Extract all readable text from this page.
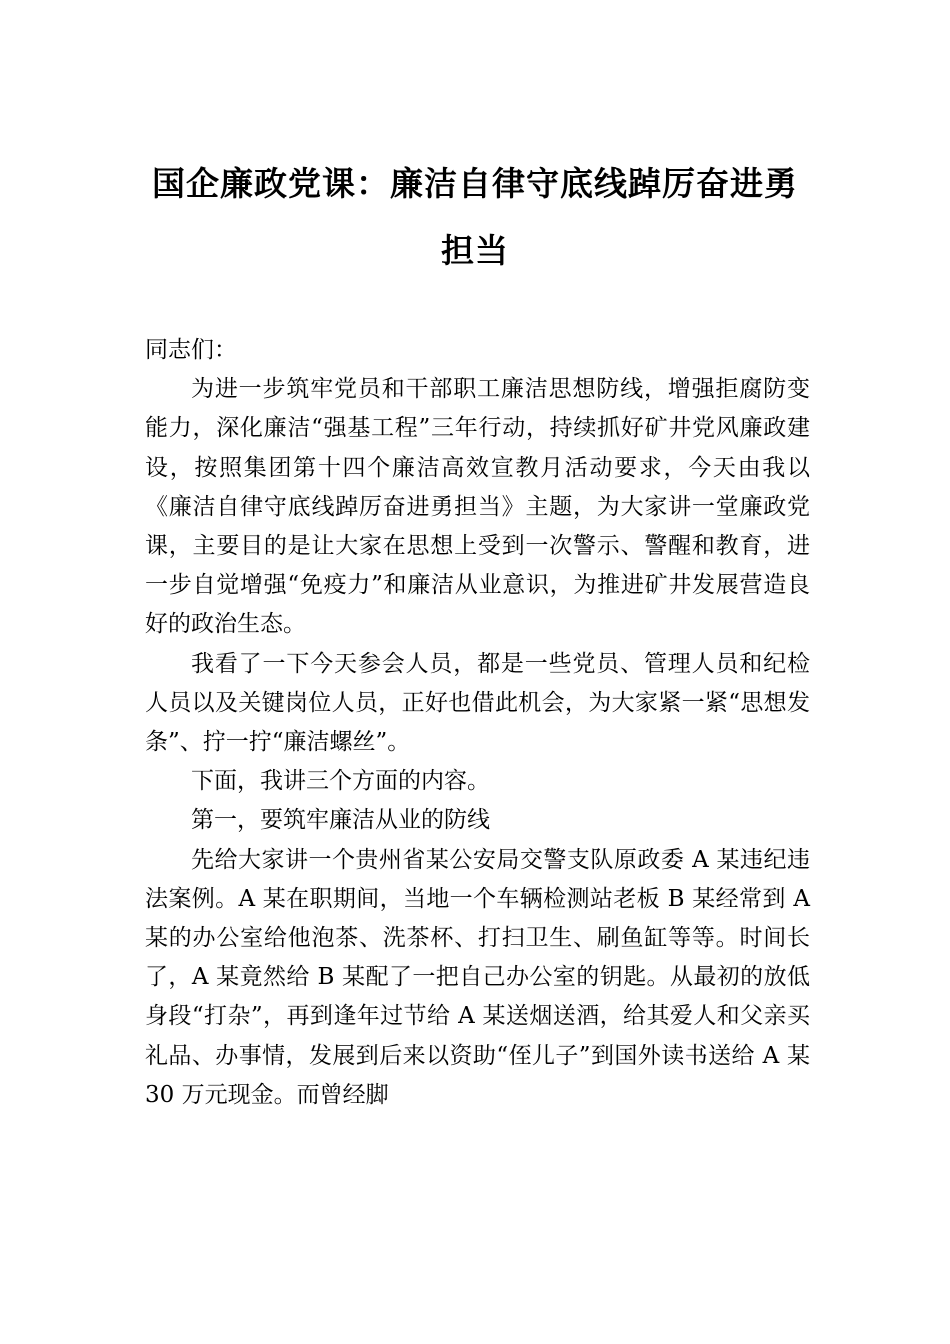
国企廉政党课：廉洁自律守底线踔厉奋进勇担当

同志们：

为进一步筑牢党员和干部职工廉洁思想防线，增强拒腐防变能力，深化廉洁“强基工程”三年行动，持续抓好矿井党风廉政建设，按照集团第十四个廉洁高效宣教月活动要求，今天由我以《廉洁自律守底线踔厉奋进勇担当》主题，为大家讲一堂廉政党课，主要目的是让大家在思想上受到一次警示、警醒和教育，进一步自觉增强“免疫力”和廉洁从业意识，为推进矿井发展营造良好的政治生态。

我看了一下今天参会人员，都是一些党员、管理人员和纪检人员以及关键岗位人员，正好也借此机会，为大家紧一紧“思想发条”、拧一拧“廉洁螺丝”。

下面，我讲三个方面的内容。

第一，要筑牢廉洁从业的防线

先给大家讲一个贵州省某公安局交警支队原政委 A 某违纪违法案例。A 某在职期间，当地一个车辆检测站老板 B 某经常到 A 某的办公室给他泡茶、洗茶杯、打扫卫生、刷鱼缸等等。时间长了，A 某竟然给 B 某配了一把自己办公室的钥匙。从最初的放低身段“打杂”，再到逢年过节给 A 某送烟送酒，给其爱人和父亲买礼品、办事情，发展到后来以资助“侄儿子”到国外读书送给 A 某 30 万元现金。而曾经脚
